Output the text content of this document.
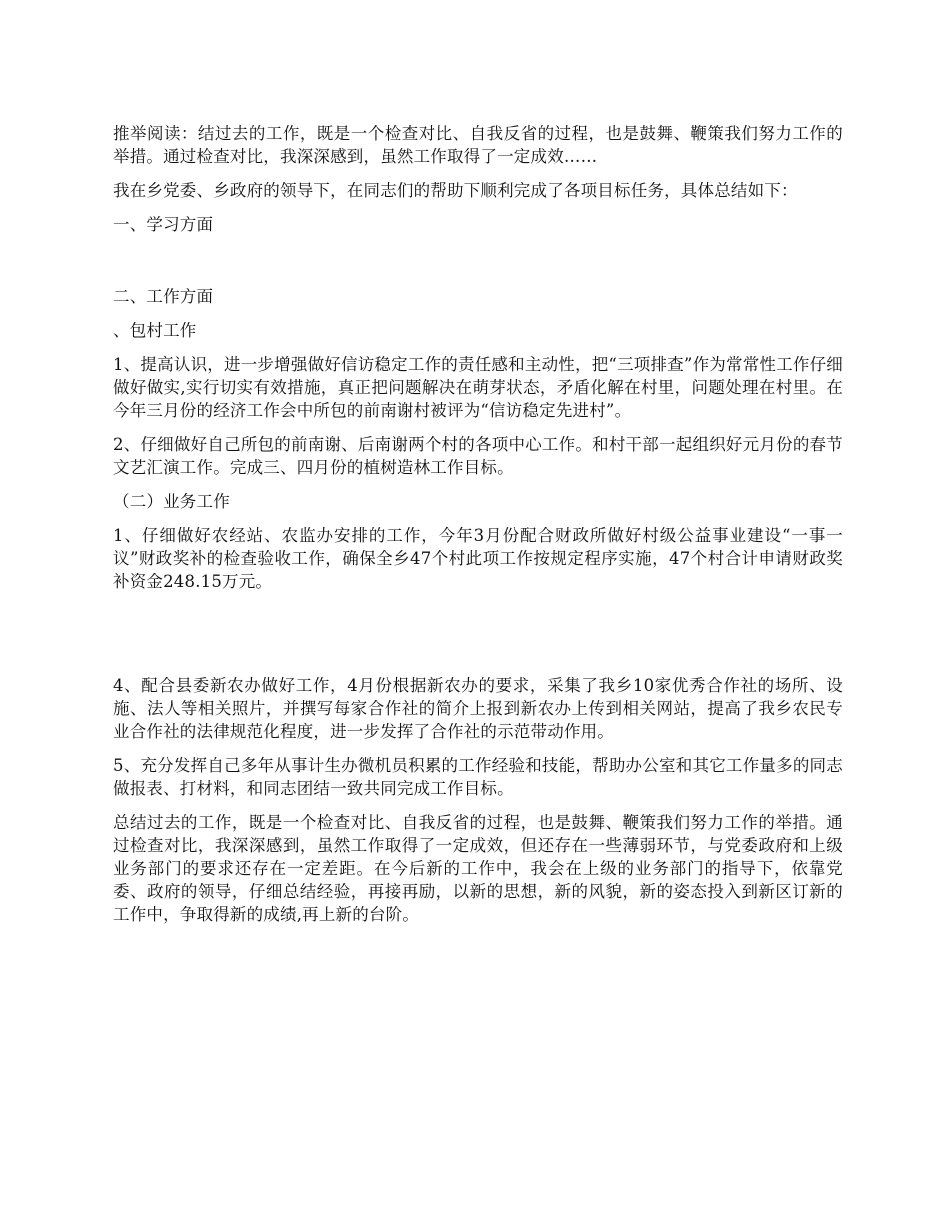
推举阅读：结过去的工作，既是一个检查对比、自我反省的过程，也是鼓舞、鞭策我们努力工作的举措。通过检查对比，我深深感到，虽然工作取得了一定成效……

我在乡党委、乡政府的领导下，在同志们的帮助下顺利完成了各项目标任务，具体总结如下：

一、学习方面

二、工作方面

、包村工作

1、提高认识，进一步增强做好信访稳定工作的责任感和主动性，把“三项排查”作为常常性工作仔细做好做实,实行切实有效措施，真正把问题解决在萌芽状态，矛盾化解在村里，问题处理在村里。在今年三月份的经济工作会中所包的前南谢村被评为“信访稳定先进村”。

2、仔细做好自己所包的前南谢、后南谢两个村的各项中心工作。和村干部一起组织好元月份的春节文艺汇演工作。完成三、四月份的植树造林工作目标。

（二）业务工作

1、仔细做好农经站、农监办安排的工作，今年3月份配合财政所做好村级公益事业建设“一事一议”财政奖补的检查验收工作，确保全乡47个村此项工作按规定程序实施，47个村合计申请财政奖补资金248.15万元。

4、配合县委新农办做好工作，4月份根据新农办的要求，采集了我乡10家优秀合作社的场所、设施、法人等相关照片，并撰写每家合作社的简介上报到新农办上传到相关网站，提高了我乡农民专业合作社的法律规范化程度，进一步发挥了合作社的示范带动作用。

5、充分发挥自己多年从事计生办微机员积累的工作经验和技能，帮助办公室和其它工作量多的同志做报表、打材料，和同志团结一致共同完成工作目标。

总结过去的工作，既是一个检查对比、自我反省的过程，也是鼓舞、鞭策我们努力工作的举措。通过检查对比，我深深感到，虽然工作取得了一定成效，但还存在一些薄弱环节，与党委政府和上级业务部门的要求还存在一定差距。在今后新的工作中，我会在上级的业务部门的指导下，依靠党委、政府的领导，仔细总结经验，再接再励，以新的思想，新的风貌，新的姿态投入到新区订新的工作中，争取得新的成绩,再上新的台阶。
